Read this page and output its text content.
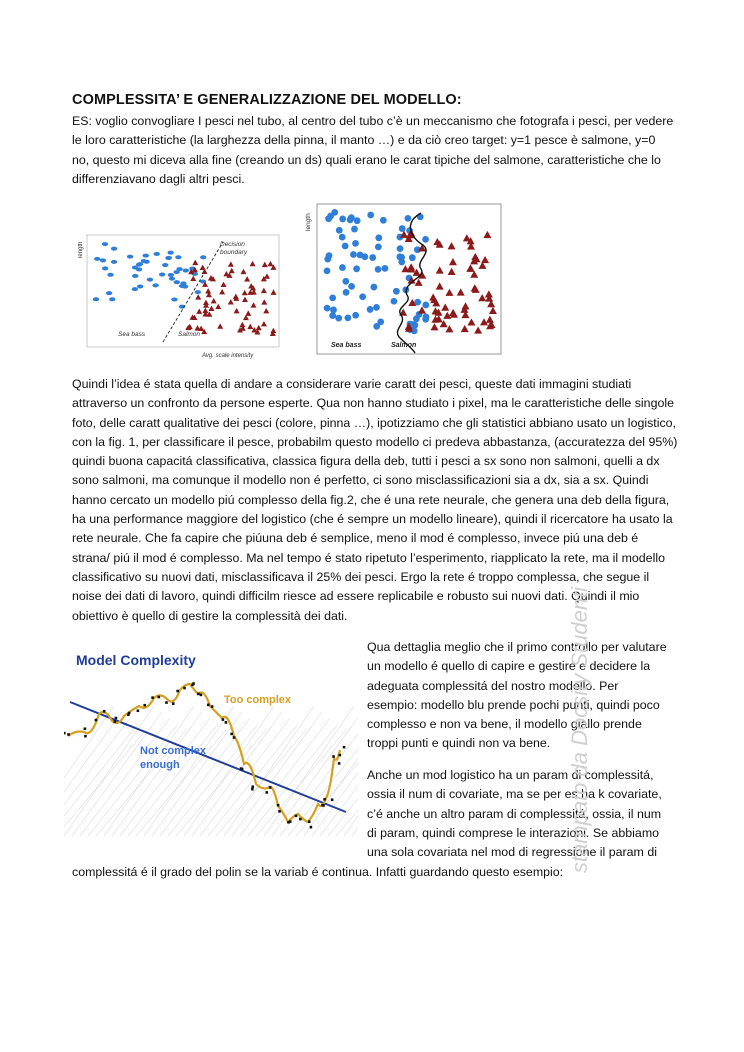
COMPLESSITA’ E GENERALIZZAZIONE DEL MODELLO:

ES: voglio convogliare I pesci nel tubo, al centro del tubo c’è un meccanismo che fotografa i pesci, per vedere le loro caratteristiche (la larghezza della pinna, il manto …) e da ciò creo target: y=1 pesce è salmone, y=0 no, questo mi diceva alla fine (creando un ds) quali erano le carat tipiche del salmone, caratteristiche che lo differenziavano dagli altri pesci.

length	Decision
boundary
Sea bass	Salmon
Avg. scale intensity
length
Sea bass	Salmon

Quindi l’idea é stata quella di andare a considerare varie caratt dei pesci, queste dati immagini studiati attraverso un confronto da persone esperte. Qua non hanno studiato i pixel, ma le caratteristiche delle singole foto, delle caratt qualitative dei pesci (colore, pinna …), ipotizziamo che gli statistici abbiano usato un logistico, con la fig. 1, per classificare il pesce, probabilm questo modello ci predeva abbastanza, (accuratezza del 95%) quindi buona capacitá classificativa, classica figura della deb, tutti i pesci a sx sono non salmoni, quelli a dx sono salmoni, ma comunque il modello non é perfetto, ci sono misclassificazioni sia a dx, sia a sx. Quindi hanno cercato un modello piú complesso della fig.2, che é una rete neurale, che genera una deb della figura, ha una performance maggiore del logistico (che é sempre un modello lineare), quindi il ricercatore ha usato la rete neurale. Che fa capire che piúuna deb é semplice, meno il mod é complesso, invece piú una deb é strana/ piú il mod é complesso. Ma nel tempo é stato ripetuto l’esperimento, riapplicato la rete, ma il modello classificativo su nuovi dati, misclassificava il 25% dei pesci. Ergo la rete é troppo complessa, che segue il noise dei dati di lavoro, quindi difficilm riesce ad essere replicabile e robusto sui nuovi dati. Quindi il mio obiettivo è quello di gestire la complessità dei dati.

Model Complexity
Too complex
Not complex
enough

Qua dettaglia meglio che il primo controllo per valutare un modello é quello di capire e gestire e decidere la adeguata complessitá del nostro modello. Per esempio: modello blu prende pochi punti, quindi poco complesso e non va bene, il modello giallo prende troppi punti e quindi non va bene.

Anche un mod logistico ha un param di complessitá, ossia il num di covariate, ma se per es ha k covariate, c’é anche un altro param di complessitá, ossia, il num di param, quindi comprese le interazioni. Se abbiamo una sola covariata nel mod di regressione il param di

complessitá é il grado del polin se la variab é continua. Infatti guardando questo esempio: stampato da Docsity Studenti
